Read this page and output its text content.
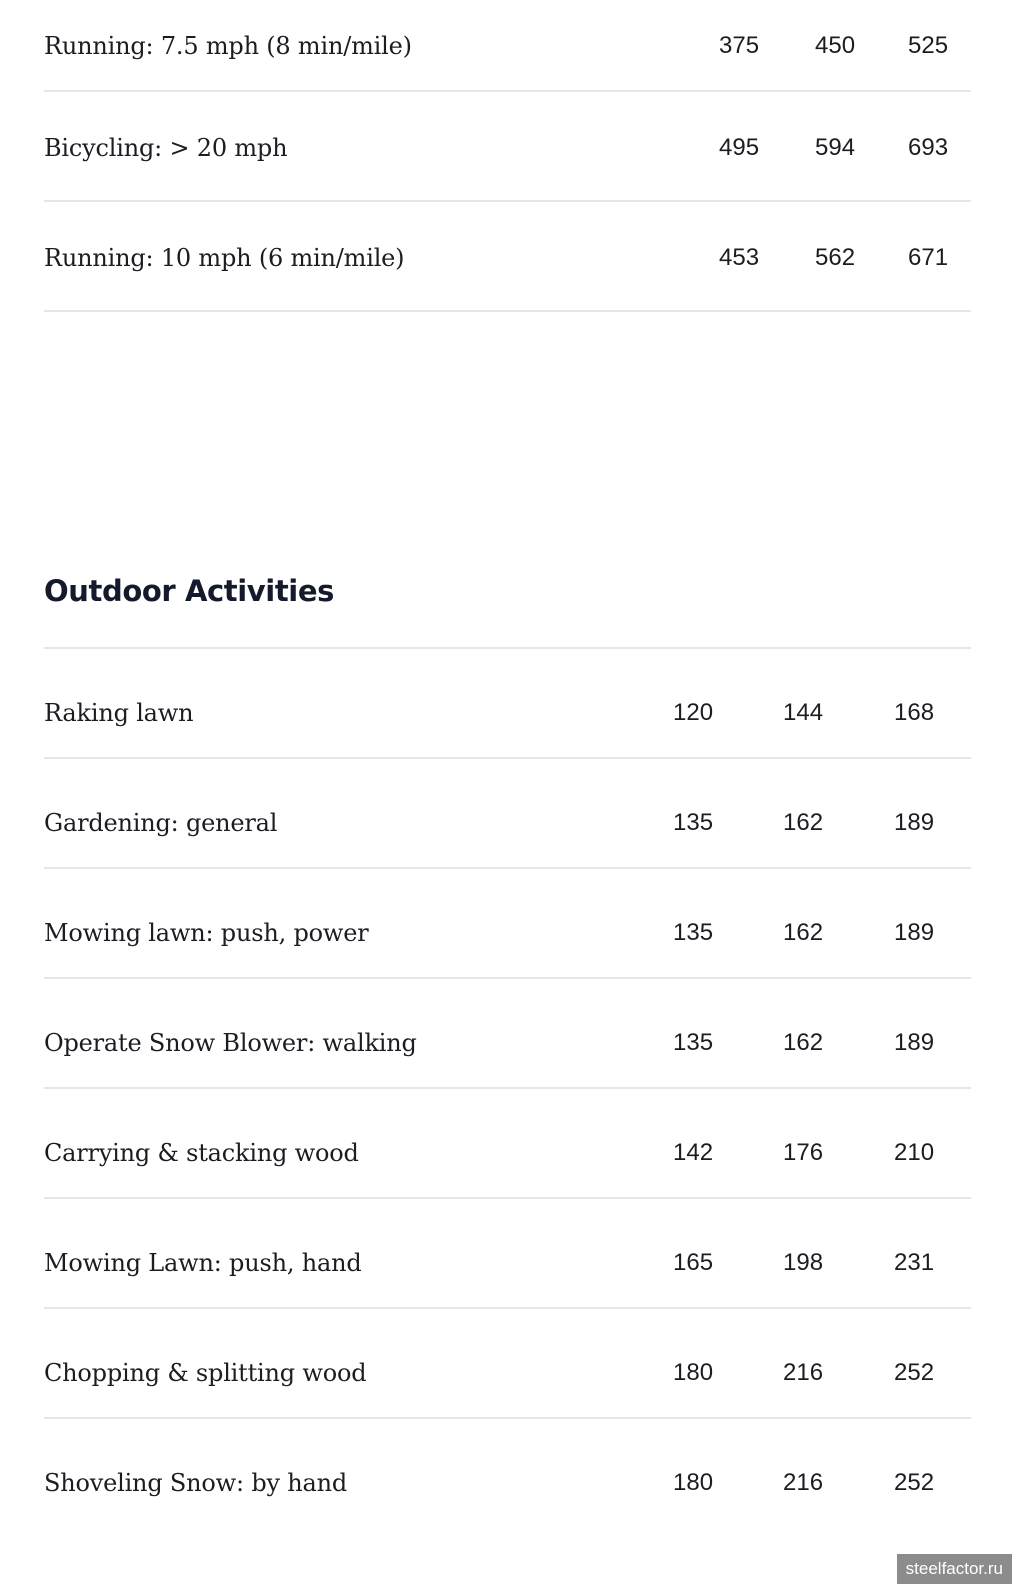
Running: 7.5 mph (8 min/mile)	375 450 525
Bicycling: > 20 mph	495 594 693
Running: 10 mph (6 min/mile)	453 562 671
Outdoor Activities
Raking lawn	120	144	168
Gardening: general	135	162	189
Mowing lawn: push, power	135	162	189
Operate Snow Blower: walking	135	162	189
Carrying & stacking wood	142	176	210
Mowing Lawn: push, hand	165	198	231
Chopping & splitting wood	180	216	252
Shoveling Snow: by hand	180	216	252
steelfactor.ru
